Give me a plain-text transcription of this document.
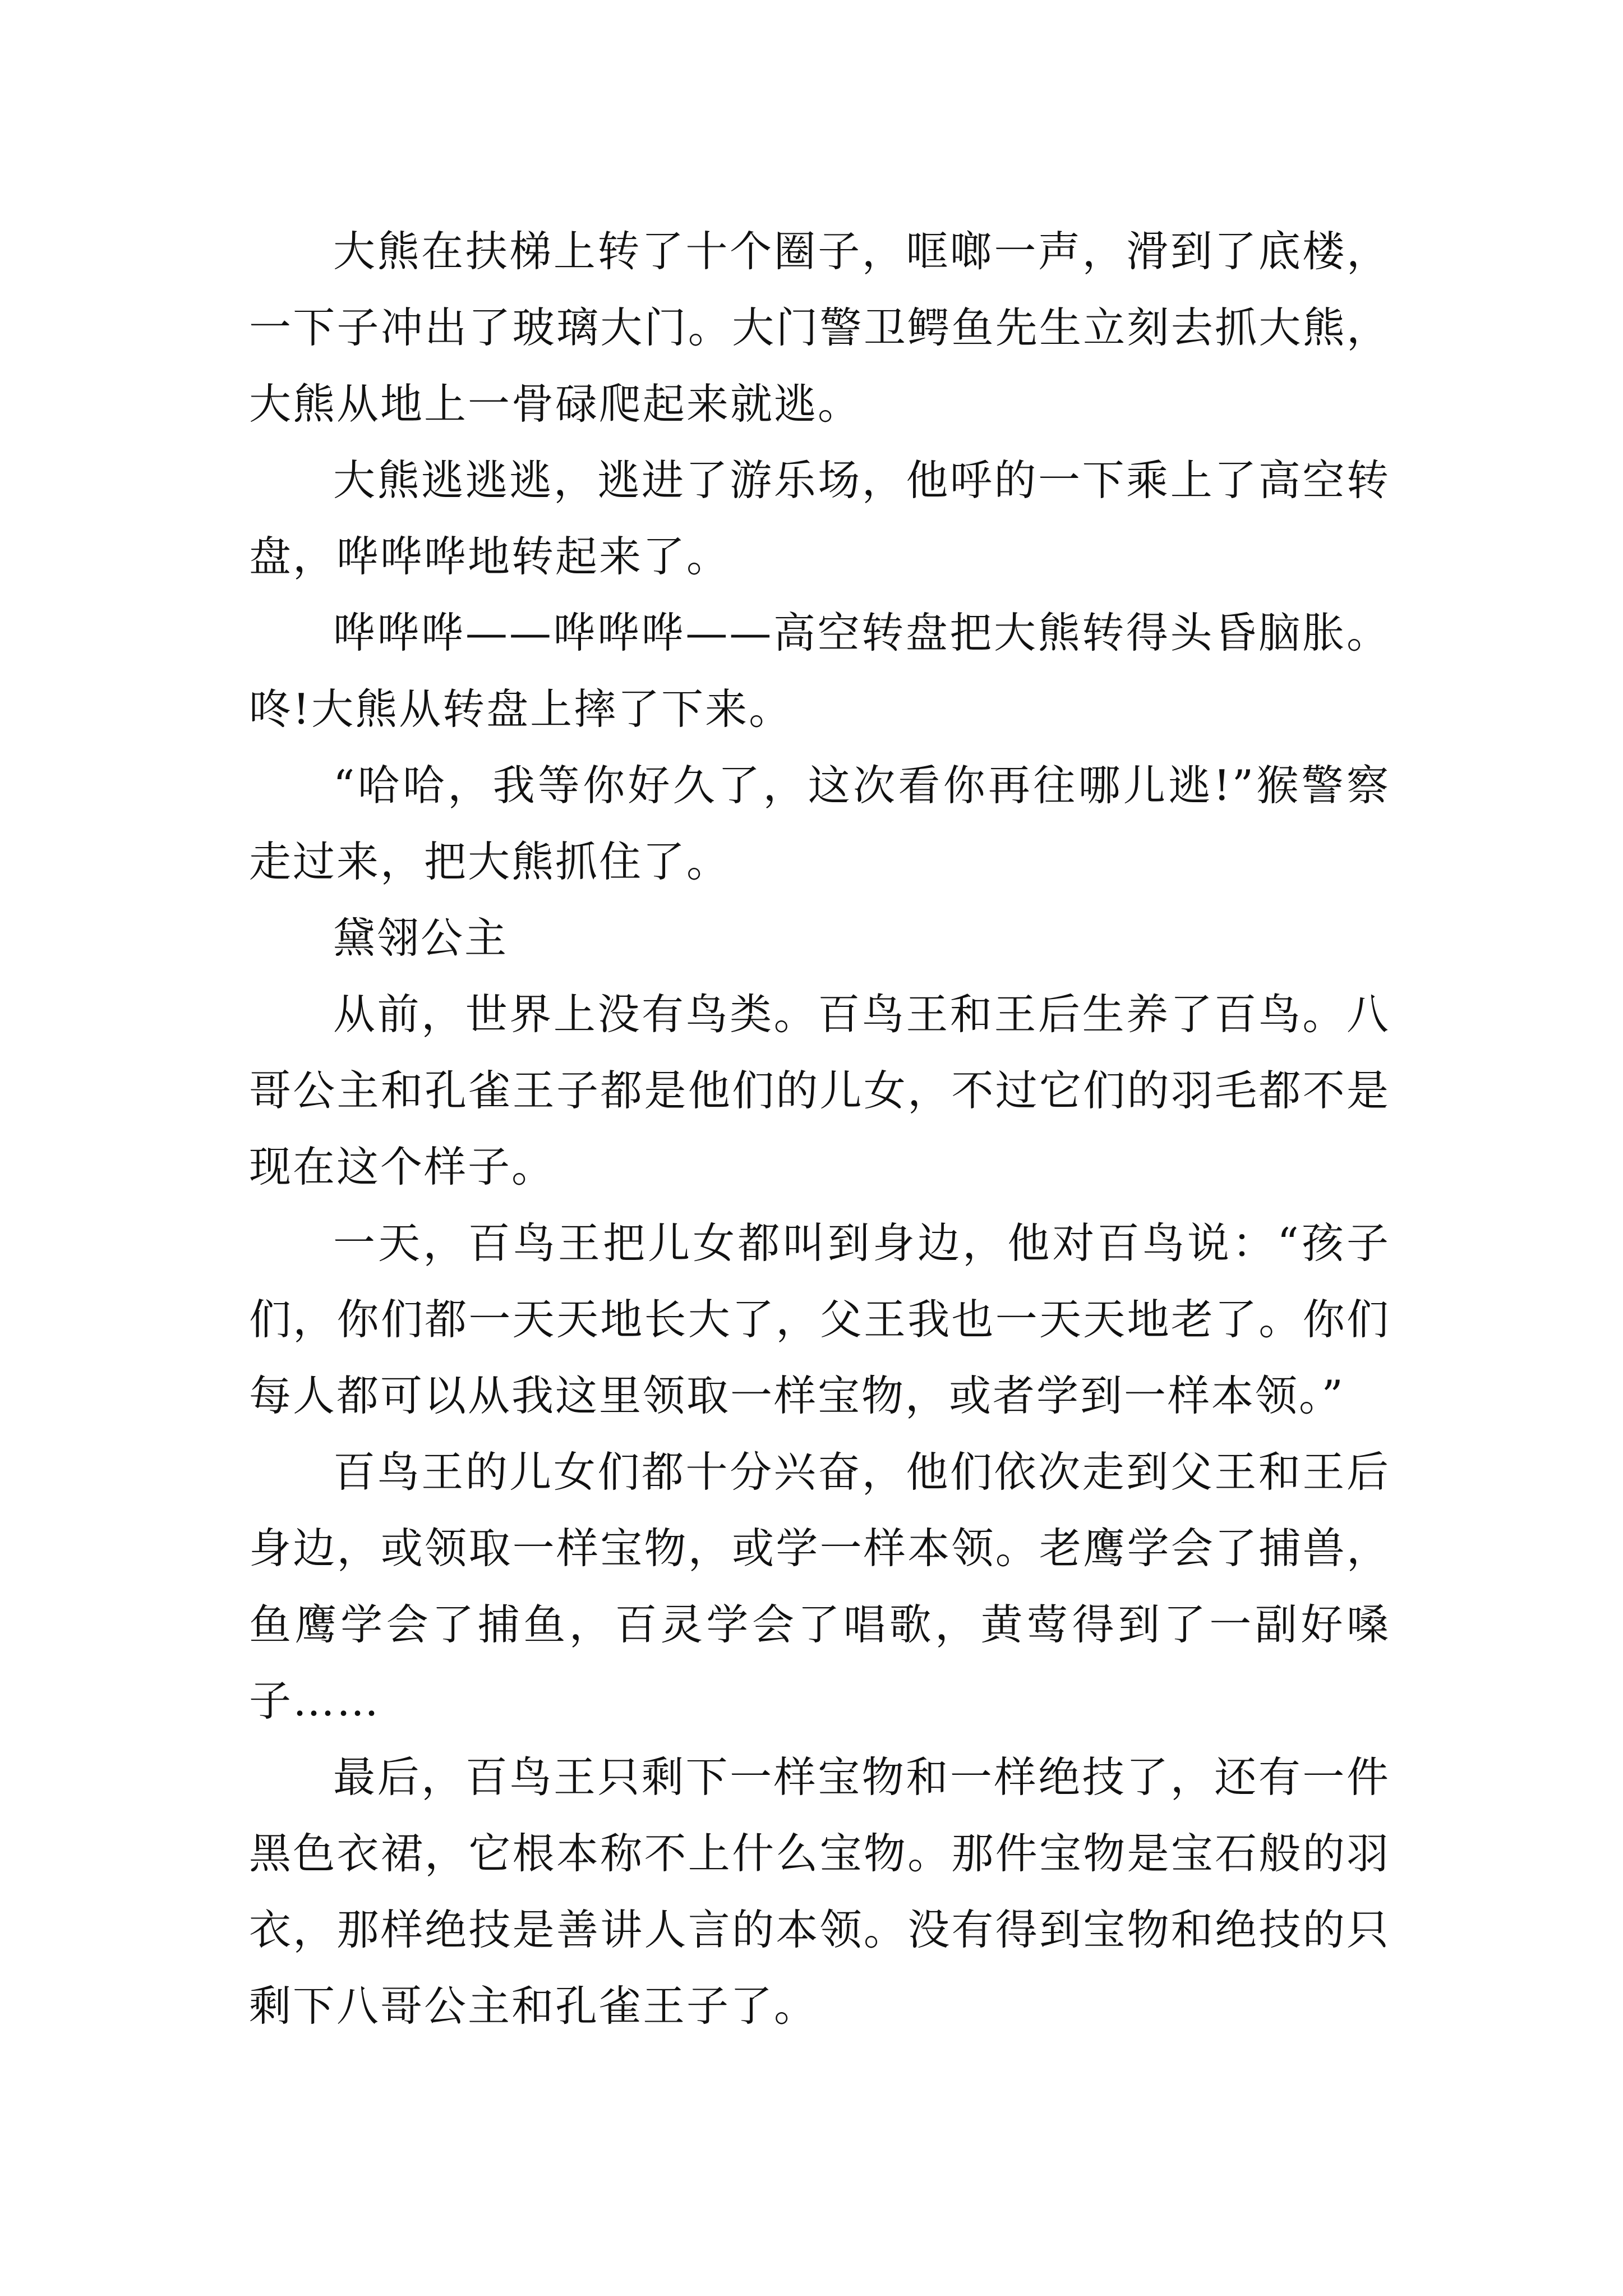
大熊在扶梯上转了十个圈子，哐啷一声，滑到了底楼，一下子冲出了玻璃大门。大门警卫鳄鱼先生立刻去抓大熊，大熊从地上一骨碌爬起来就逃。

大熊逃逃逃，逃进了游乐场，他呼的一下乘上了高空转盘，哗哗哗地转起来了。

哗哗哗——哗哗哗——高空转盘把大熊转得头昏脑胀。咚!大熊从转盘上摔了下来。

“哈哈，我等你好久了，这次看你再往哪儿逃!”猴警察走过来，把大熊抓住了。

黛翎公主

从前，世界上没有鸟类。百鸟王和王后生养了百鸟。八哥公主和孔雀王子都是他们的儿女，不过它们的羽毛都不是现在这个样子。

一天，百鸟王把儿女都叫到身边，他对百鸟说：“孩子们，你们都一天天地长大了，父王我也一天天地老了。你们每人都可以从我这里领取一样宝物，或者学到一样本领。”

百鸟王的儿女们都十分兴奋，他们依次走到父王和王后身边，或领取一样宝物，或学一样本领。老鹰学会了捕兽，鱼鹰学会了捕鱼，百灵学会了唱歌，黄莺得到了一副好嗓子……

最后，百鸟王只剩下一样宝物和一样绝技了，还有一件黑色衣裙，它根本称不上什么宝物。那件宝物是宝石般的羽衣，那样绝技是善讲人言的本领。没有得到宝物和绝技的只剩下八哥公主和孔雀王子了。
